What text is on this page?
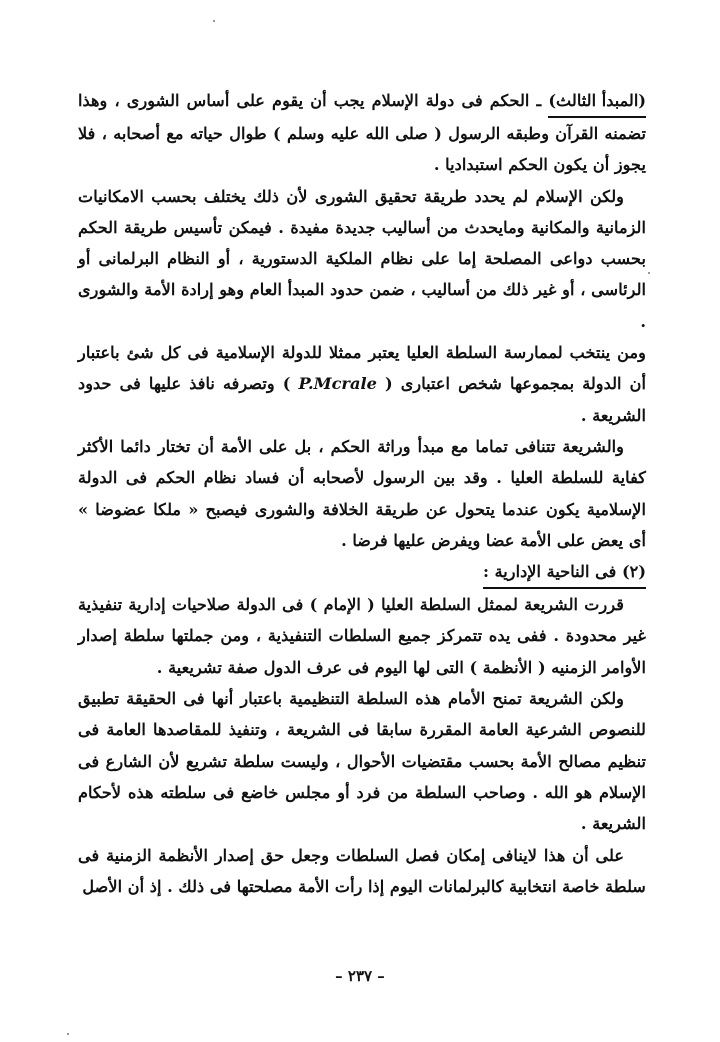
(المبدأ الثالث) ـ الحكم فى دولة الإسلام يجب أن يقوم على أساس الشورى ، وهذا تضمنه القرآن وطبقه الرسول ( صلى الله عليه وسلم ) طوال حياته مع أصحابه ، فلا يجوز أن يكون الحكم استبداديا .

ولكن الإسلام لم يحدد طريقة تحقيق الشورى لأن ذلك يختلف بحسب الامكانيات الزمانية والمكانية ومايحدث من أساليب جديدة مفيدة . فيمكن تأسيس طريقة الحكم بحسب دواعى المصلحة إما على نظام الملكية الدستورية ، أو النظام البرلمانى أو الرئاسى ، أو غير ذلك من أساليب ، ضمن حدود المبدأ العام وهو إرادة الأمة والشورى .

ومن ينتخب لممارسة السلطة العليا يعتبر ممثلا للدولة الإسلامية فى كل شئ باعتبار أن الدولة بمجموعها شخص اعتبارى ( P.Mcrale ) وتصرفه نافذ عليها فى حدود الشريعة .

والشريعة تتنافى تماما مع مبدأ وراثة الحكم ، بل على الأمة أن تختار دائما الأكثر كفاية للسلطة العليا . وقد بين الرسول لأصحابه أن فساد نظام الحكم فى الدولة الإسلامية يكون عندما يتحول عن طريقة الخلافة والشورى فيصبح « ملكا عضوضا » أى يعض على الأمة عضا ويفرض عليها فرضا .

(٢) فى الناحية الإدارية :

قررت الشريعة لممثل السلطة العليا ( الإمام ) فى الدولة صلاحيات إدارية تنفيذية غير محدودة . ففى يده تتمركز جميع السلطات التنفيذية ، ومن جملتها سلطة إصدار الأوامر الزمنيه ( الأنظمة ) التى لها اليوم فى عرف الدول صفة تشريعية .

ولكن الشريعة تمنح الأمام هذه السلطة التنظيمية باعتبار أنها فى الحقيقة تطبيق للنصوص الشرعية العامة المقررة سابقا فى الشريعة ، وتنفيذ للمقاصدها العامة فى تنظيم مصالح الأمة بحسب مقتضيات الأحوال ، وليست سلطة تشريع لأن الشارع فى الإسلام هو الله . وصاحب السلطة من فرد أو مجلس خاضع فى سلطته هذه لأحكام الشريعة .

على أن هذا لاينافى إمكان فصل السلطات وجعل حق إصدار الأنظمة الزمنية فى سلطة خاصة انتخابية كالبرلمانات اليوم إذا رأت الأمة مصلحتها فى ذلك . إذ أن الأصل

– ٢٣٧ –
